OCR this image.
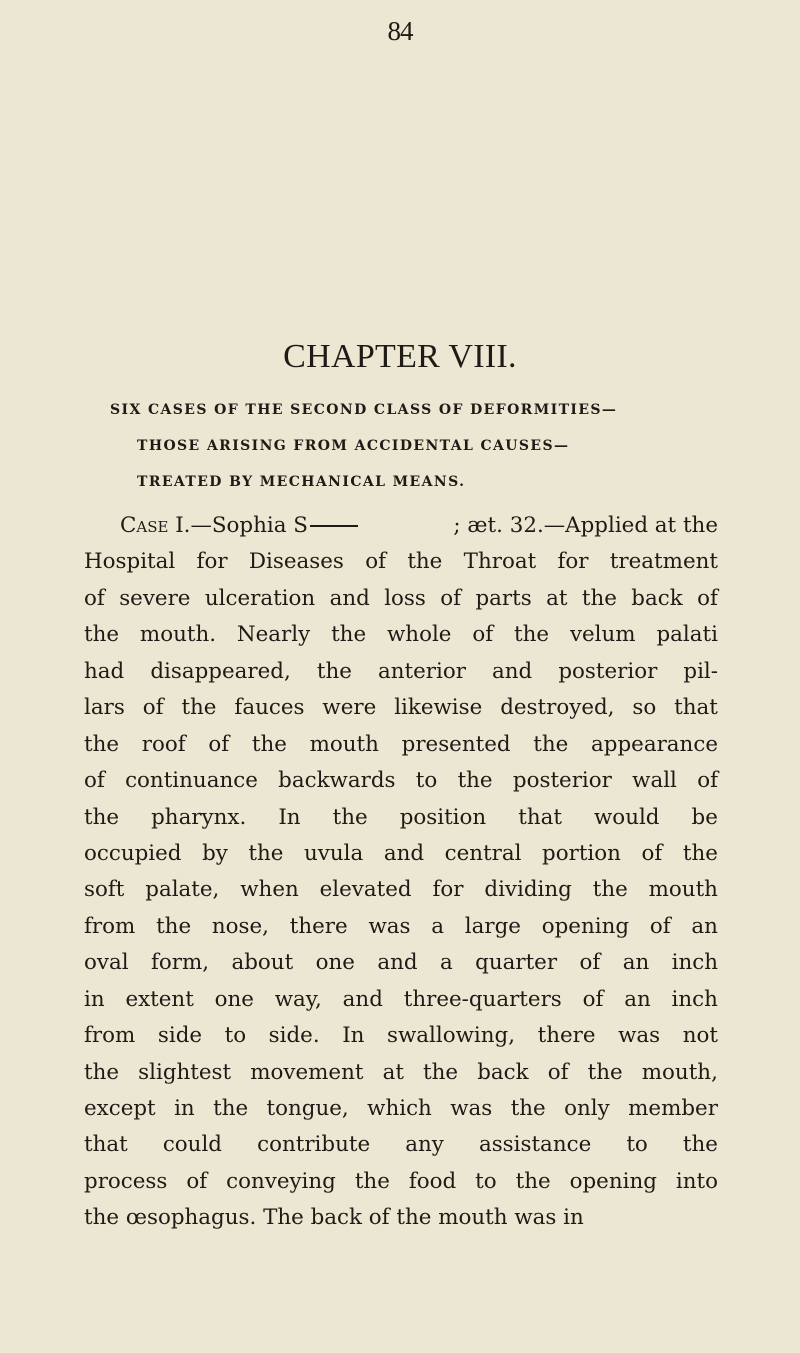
84
CHAPTER VIII.
SIX CASES OF THE SECOND CLASS OF DEFORMITIES—
THOSE ARISING FROM ACCIDENTAL CAUSES—
TREATED BY MECHANICAL MEANS.
Case I.—Sophia S	; æt. 32.—Applied at the
Hospital for Diseases of the Throat for treatment
of severe ulceration and loss of parts at the back of
the mouth. Nearly the whole of the velum palati
had disappeared, the anterior and posterior pil-
lars of the fauces were likewise destroyed, so that
the roof of the mouth presented the appearance
of continuance backwards to the posterior wall of
the pharynx. In the position that would be
occupied by the uvula and central portion of the
soft palate, when elevated for dividing the mouth
from the nose, there was a large opening of an
oval form, about one and a quarter of an inch
in extent one way, and three-quarters of an inch
from side to side. In swallowing, there was not
the slightest movement at the back of the mouth,
except in the tongue, which was the only member
that could contribute any assistance to the
process of conveying the food to the opening into
the œsophagus. The back of the mouth was in
